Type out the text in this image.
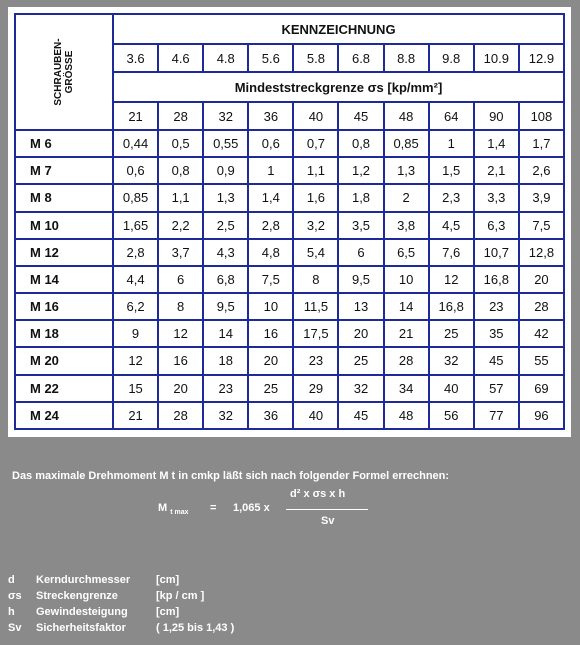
SCHRAUBEN- GRÖSSE	KENNZEICHNUNG									
	3.6	4.6	4.8	5.6	5.8	6.8	8.8	9.8	10.9	12.9
	Mindeststreckgrenze σs [kp/mm²]									
	21	28	32	36	40	45	48	64	90	108
M 6	0,44	0,5	0,55	0,6	0,7	0,8	0,85	1	1,4	1,7
M 7	0,6	0,8	0,9	1	1,1	1,2	1,3	1,5	2,1	2,6
M 8	0,85	1,1	1,3	1,4	1,6	1,8	2	2,3	3,3	3,9
M 10	1,65	2,2	2,5	2,8	3,2	3,5	3,8	4,5	6,3	7,5
M 12	2,8	3,7	4,3	4,8	5,4	6	6,5	7,6	10,7	12,8
M 14	4,4	6	6,8	7,5	8	9,5	10	12	16,8	20
M 16	6,2	8	9,5	10	11,5	13	14	16,8	23	28
M 18	9	12	14	16	17,5	20	21	25	35	42
M 20	12	16	18	20	23	25	28	32	45	55
M 22	15	20	23	25	29	32	34	40	57	69
M 24	21	28	32	36	40	45	48	56	77	96
Das maximale Drehmoment M t in cmkp läßt sich nach folgender Formel errechnen:
M $_{t max}$ = 1,065 x
d² x σs x h
Sv
d Kerndurchmesser [cm]
σs Streckengrenze	[kp / cm ]
h Gewindesteigung	[cm]
Sv Sicherheitsfaktor	( 1,25 bis 1,43 )
